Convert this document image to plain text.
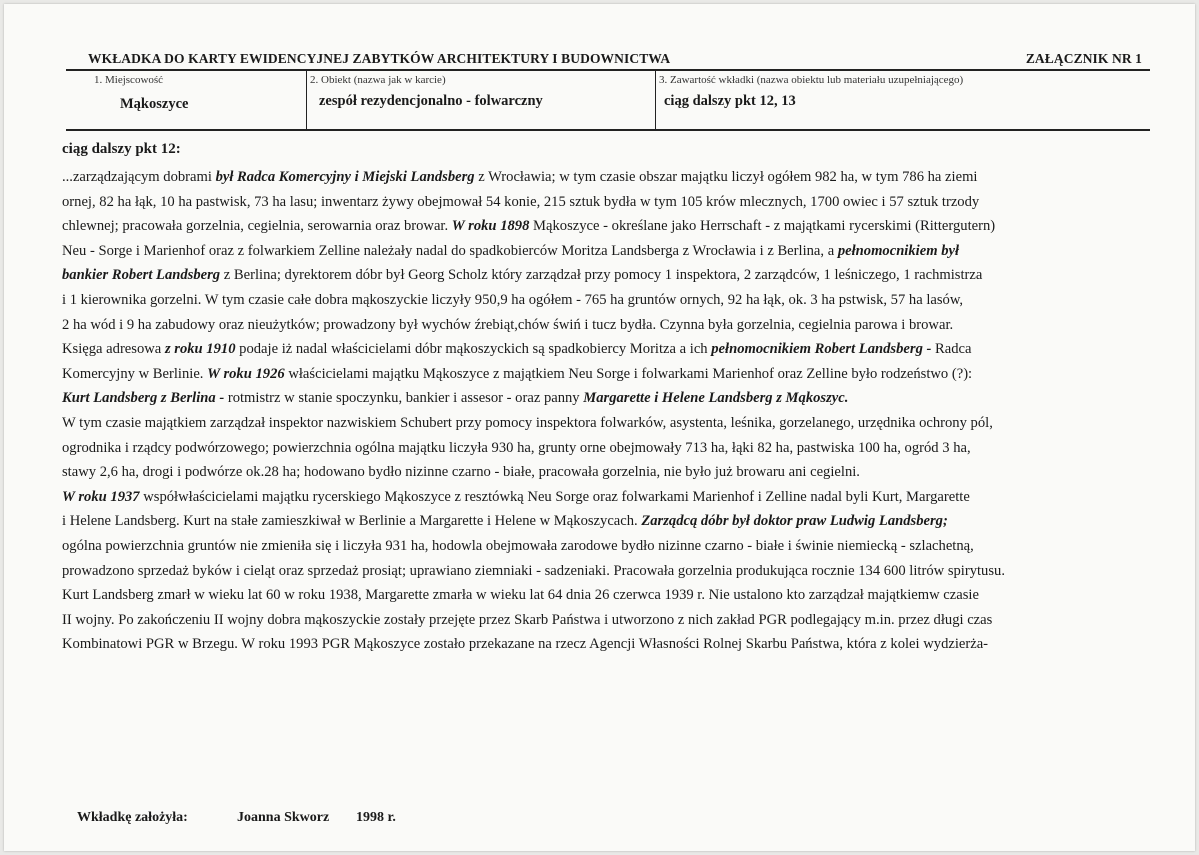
WKŁADKA DO KARTY EWIDENCYJNEJ ZABYTKÓW ARCHITEKTURY I BUDOWNICTWA	ZAŁĄCZNIK NR 1
1. Miejscowość
Mąkoszyce
2. Obiekt (nazwa jak w karcie)
zespół rezydencjonalno - folwarczny
3. Zawartość wkładki (nazwa obiektu lub materiału uzupełniającego)
ciąg dalszy pkt 12, 13
ciąg dalszy pkt 12:
...zarządzającym dobrami był Radca Komercyjny i Miejski Landsberg z Wrocławia; w tym czasie obszar majątku liczył ogółem 982 ha, w tym 786 ha ziemi
ornej, 82 ha łąk, 10 ha pastwisk, 73 ha lasu; inwentarz żywy obejmował 54 konie, 215 sztuk bydła w tym 105 krów mlecznych, 1700 owiec i 57 sztuk trzody
chlewnej; pracowała gorzelnia, cegielnia, serowarnia oraz browar. W roku 1898 Mąkoszyce - określane jako Herrschaft - z majątkami rycerskimi (Rittergutern)
Neu - Sorge i Marienhof oraz z folwarkiem Zelline należały nadal do spadkobierców Moritza Landsberga z Wrocławia i z Berlina, a pełnomocnikiem był
bankier Robert Landsberg z Berlina; dyrektorem dóbr był Georg Scholz który zarządzał przy pomocy 1 inspektora, 2 zarządców, 1 leśniczego, 1 rachmistrza
i 1 kierownika gorzelni. W tym czasie całe dobra mąkoszyckie liczyły 950,9 ha ogółem - 765 ha gruntów ornych, 92 ha łąk, ok. 3 ha pstwisk, 57 ha lasów,
2 ha wód i 9 ha zabudowy oraz nieużytków; prowadzony był wychów źrebiąt,chów świń i tucz bydła. Czynna była gorzelnia, cegielnia parowa i browar.
Księga adresowa z roku 1910 podaje iż nadal właścicielami dóbr mąkoszyckich są spadkobiercy Moritza a ich pełnomocnikiem Robert Landsberg - Radca
Komercyjny w Berlinie. W roku 1926 właścicielami majątku Mąkoszyce z majątkiem Neu Sorge i folwarkami Marienhof oraz Zelline było rodzeństwo (?):
Kurt Landsberg z Berlina - rotmistrz w stanie spoczynku, bankier i assesor - oraz panny Margarette i Helene Landsberg z Mąkoszyc.
W tym czasie majątkiem zarządzał inspektor nazwiskiem Schubert przy pomocy inspektora folwarków, asystenta, leśnika, gorzelanego, urzędnika ochrony pól,
ogrodnika i rządcy podwórzowego; powierzchnia ogólna majątku liczyła 930 ha, grunty orne obejmowały 713 ha, łąki 82 ha, pastwiska 100 ha, ogród 3 ha,
stawy 2,6 ha, drogi i podwórze ok.28 ha; hodowano bydło nizinne czarno - białe, pracowała gorzelnia, nie było już browaru ani cegielni.
W roku 1937 współwłaścicielami majątku rycerskiego Mąkoszyce z resztówką Neu Sorge oraz folwarkami Marienhof i Zelline nadal byli Kurt, Margarette
i Helene Landsberg. Kurt na stałe zamieszkiwał w Berlinie a Margarette i Helene w Mąkoszycach. Zarządcą dóbr był doktor praw Ludwig Landsberg;
ogólna powierzchnia gruntów nie zmieniła się i liczyła 931 ha, hodowla obejmowała zarodowe bydło nizinne czarno - białe i świnie niemiecką - szlachetną,
prowadzono sprzedaż byków i cieląt oraz sprzedaż prosiąt; uprawiano ziemniaki - sadzeniaki. Pracowała gorzelnia produkująca rocznie 134 600 litrów spirytusu.
Kurt Landsberg zmarł w wieku lat 60 w roku 1938, Margarette zmarła w wieku lat 64 dnia 26 czerwca 1939 r. Nie ustalono kto zarządzał majątkiemw czasie
II wojny. Po zakończeniu II wojny dobra mąkoszyckie zostały przejęte przez Skarb Państwa i utworzono z nich zakład PGR podlegający m.in. przez długi czas
Kombinatowi PGR w Brzegu. W roku 1993 PGR Mąkoszyce zostało przekazane na rzecz Agencji Własności Rolnej Skarbu Państwa, która z kolei wydzierża-
Wkładkę założyła:	Joanna Skworz 1998 r.
